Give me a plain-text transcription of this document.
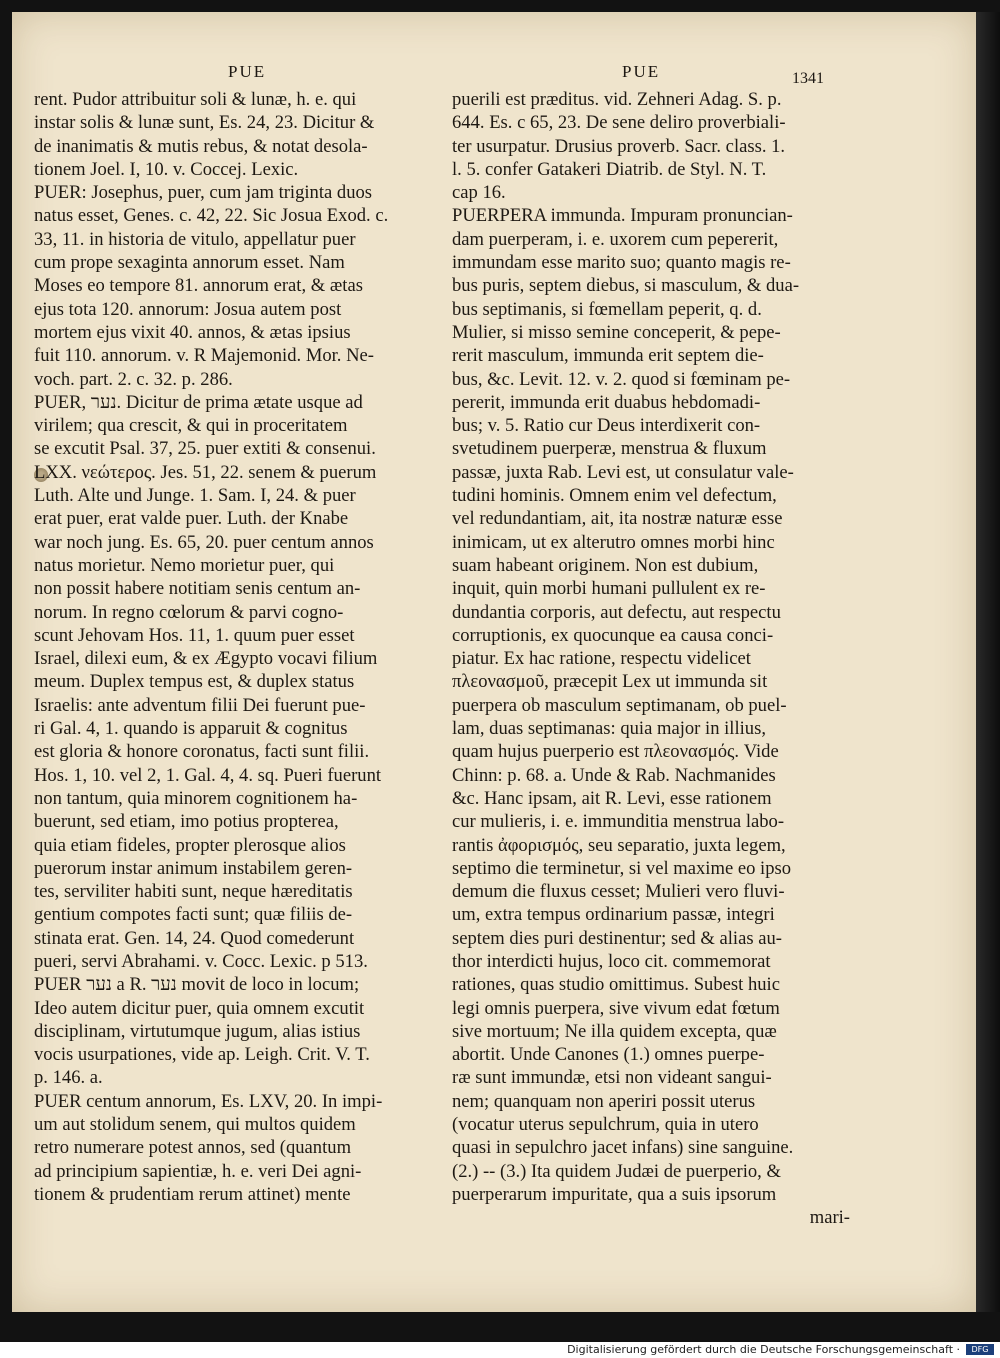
PUE	PUE	1341
rent. Pudor attribuitur soli & lunæ, h. e. qui
instar solis & lunæ sunt, Es. 24, 23. Dicitur &
de inanimatis & mutis rebus, & notat desola-
tionem Joel. I, 10. v. Coccej. Lexic.
PUER: Josephus, puer, cum jam triginta duos
natus esset, Genes. c. 42, 22. Sic Josua Exod. c.
33, 11. in historia de vitulo, appellatur puer
cum prope sexaginta annorum esset. Nam
Moses eo tempore 81. annorum erat, & ætas
ejus tota 120. annorum: Josua autem post
mortem ejus vixit 40. annos, & ætas ipsius
fuit 110. annorum. v. R Majemonid. Mor. Ne-
voch. part. 2. c. 32. p. 286.
PUER, נער. Dicitur de prima ætate usque ad
virilem; qua crescit, & qui in proceritatem
se excutit Psal. 37, 25. puer extiti & consenui.
LXX. νεώτερος. Jes. 51, 22. senem & puerum
Luth. Alte und Junge. 1. Sam. I, 24. & puer
erat puer, erat valde puer. Luth. der Knabe
war noch jung. Es. 65, 20. puer centum annos
natus morietur. Nemo morietur puer, qui
non possit habere notitiam senis centum an-
norum. In regno cœlorum & parvi cogno-
scunt Jehovam Hos. 11, 1. quum puer esset
Israel, dilexi eum, & ex Ægypto vocavi filium
meum. Duplex tempus est, & duplex status
Israelis: ante adventum filii Dei fuerunt pue-
ri Gal. 4, 1. quando is apparuit & cognitus
est gloria & honore coronatus, facti sunt filii.
Hos. 1, 10. vel 2, 1. Gal. 4, 4. sq. Pueri fuerunt
non tantum, quia minorem cognitionem ha-
buerunt, sed etiam, imo potius propterea,
quia etiam fideles, propter plerosque alios
puerorum instar animum instabilem geren-
tes, serviliter habiti sunt, neque hæreditatis
gentium compotes facti sunt; quæ filiis de-
stinata erat. Gen. 14, 24. Quod comederunt
pueri, servi Abrahami. v. Cocc. Lexic. p 513.
PUER נער a R. נער movit de loco in locum;
Ideo autem dicitur puer, quia omnem excutit
disciplinam, virtutumque jugum, alias istius
vocis usurpationes, vide ap. Leigh. Crit. V. T.
p. 146. a.
PUER centum annorum, Es. LXV, 20. In impi-
um aut stolidum senem, qui multos quidem
retro numerare potest annos, sed (quantum
ad principium sapientiæ, h. e. veri Dei agni-
tionem & prudentiam rerum attinet) mente
puerili est præditus. vid. Zehneri Adag. S. p.
644. Es. c 65, 23. De sene deliro proverbiali-
ter usurpatur. Drusius proverb. Sacr. class. 1.
l. 5. confer Gatakeri Diatrib. de Styl. N. T.
cap 16.
PUERPERA immunda. Impuram pronuncian-
dam puerperam, i. e. uxorem cum pepererit,
immundam esse marito suo; quanto magis re-
bus puris, septem diebus, si masculum, & dua-
bus septimanis, si fœmellam peperit, q. d.
Mulier, si misso semine conceperit, & pepe-
rerit masculum, immunda erit septem die-
bus, &c. Levit. 12. v. 2. quod si fœminam pe-
pererit, immunda erit duabus hebdomadi-
bus; v. 5. Ratio cur Deus interdixerit con-
svetudinem puerperæ, menstrua & fluxum
passæ, juxta Rab. Levi est, ut consulatur vale-
tudini hominis. Omnem enim vel defectum,
vel redundantiam, ait, ita nostræ naturæ esse
inimicam, ut ex alterutro omnes morbi hinc
suam habeant originem. Non est dubium,
inquit, quin morbi humani pullulent ex re-
dundantia corporis, aut defectu, aut respectu
corruptionis, ex quocunque ea causa conci-
piatur. Ex hac ratione, respectu videlicet
πλεονασμοῦ, præcepit Lex ut immunda sit
puerpera ob masculum septimanam, ob puel-
lam, duas septimanas: quia major in illius,
quam hujus puerperio est πλεονασμός. Vide
Chinn: p. 68. a. Unde & Rab. Nachmanides
&c. Hanc ipsam, ait R. Levi, esse rationem
cur mulieris, i. e. immunditia menstrua labo-
rantis ἀφορισμός, seu separatio, juxta legem,
septimo die terminetur, si vel maxime eo ipso
demum die fluxus cesset; Mulieri vero fluvi-
um, extra tempus ordinarium passæ, integri
septem dies puri destinentur; sed & alias au-
thor interdicti hujus, loco cit. commemorat
rationes, quas studio omittimus. Subest huic
legi omnis puerpera, sive vivum edat fœtum
sive mortuum; Ne illa quidem excepta, quæ
abortit. Unde Canones (1.) omnes puerpe-
ræ sunt immundæ, etsi non videant sangui-
nem; quanquam non aperiri possit uterus
(vocatur uterus sepulchrum, quia in utero
quasi in sepulchro jacet infans) sine sanguine.
(2.) -- (3.) Ita quidem Judæi de puerperio, &
puerperarum impuritate, qua a suis ipsorum
mari-
Digitalisierung gefördert durch die Deutsche Forschungsgemeinschaft ·	DFG
